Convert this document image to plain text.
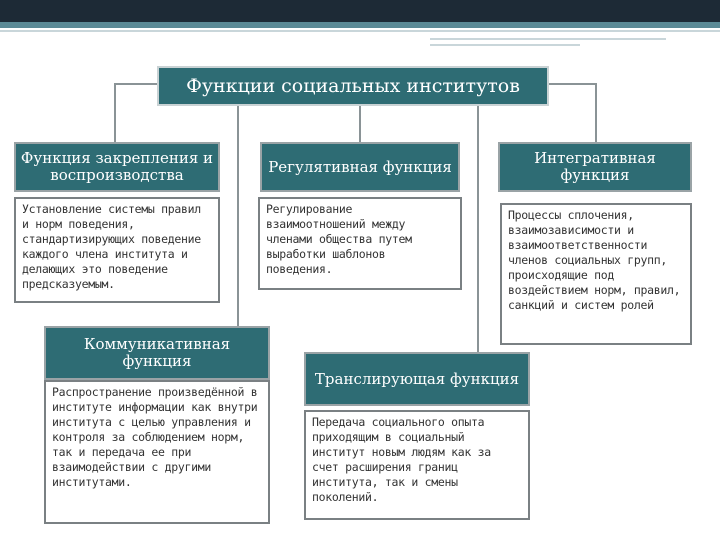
Функции социальных институтов
Функция закрепления и воспроизводства
Установление системы правил и норм поведения, стандартизирующих поведение каждого члена института и делающих это поведение предсказуемым.
Регулятивная функция
Регулирование взаимоотношений между членами общества путем выработки шаблонов поведения.
Интегративная функция
Процессы сплочения, взаимозависимости и взаимоответственности членов социальных групп, происходящие под воздействием норм, правил, санкций и систем ролей
Коммуникативная функция
Распространение произведённой в институте информации как внутри института с целью управления и контроля за соблюдением норм, так и передача ее при взаимодействии с другими институтами.
Транслирующая функция
Передача социального опыта приходящим в социальный институт новым людям как за счет расширения границ института, так и смены поколений.
